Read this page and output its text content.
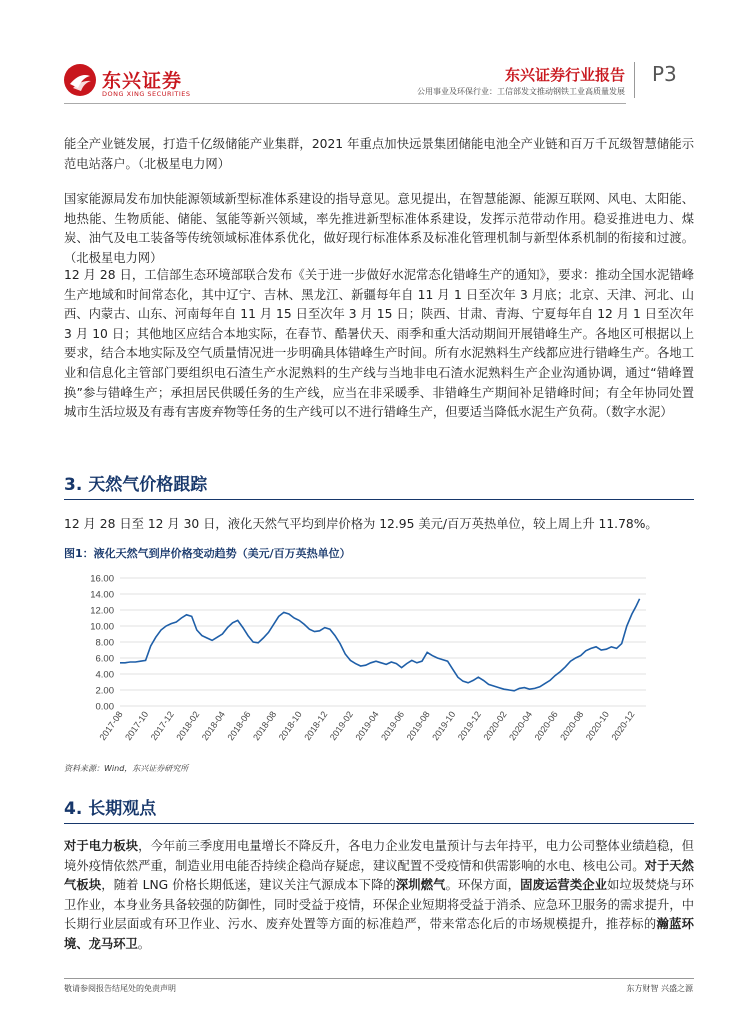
东兴证券
DONG XING SECURITIES
东兴证券行业报告
公用事业及环保行业：工信部发文推动钢铁工业高质量发展
P3

能全产业链发展，打造千亿级储能产业集群，2021 年重点加快远景集团储能电池全产业链和百万千瓦级智慧储能示范电站落户。（北极星电力网）

国家能源局发布加快能源领域新型标准体系建设的指导意见。意见提出，在智慧能源、能源互联网、风电、太阳能、地热能、生物质能、储能、氢能等新兴领域，率先推进新型标准体系建设，发挥示范带动作用。稳妥推进电力、煤炭、油气及电工装备等传统领域标准体系优化，做好现行标准体系及标准化管理机制与新型体系机制的衔接和过渡。（北极星电力网）

12 月 28 日，工信部生态环境部联合发布《关于进一步做好水泥常态化错峰生产的通知》，要求：推动全国水泥错峰生产地域和时间常态化，其中辽宁、吉林、黑龙江、新疆每年自 11 月 1 日至次年 3 月底；北京、天津、河北、山西、内蒙古、山东、河南每年自 11 月 15 日至次年 3 月 15 日；陕西、甘肃、青海、宁夏每年自 12 月 1 日至次年 3 月 10 日；其他地区应结合本地实际，在春节、酷暑伏天、雨季和重大活动期间开展错峰生产。各地区可根据以上要求，结合本地实际及空气质量情况进一步明确具体错峰生产时间。所有水泥熟料生产线都应进行错峰生产。各地工业和信息化主管部门要组织电石渣生产水泥熟料的生产线与当地非电石渣水泥熟料生产企业沟通协调，通过“错峰置换”参与错峰生产；承担居民供暖任务的生产线，应当在非采暖季、非错峰生产期间补足错峰时间；有全年协同处置城市生活垃圾及有毒有害废弃物等任务的生产线可以不进行错峰生产，但要适当降低水泥生产负荷。（数字水泥）

3. 天然气价格跟踪
12 月 28 日至 12 月 30 日，液化天然气平均到岸价格为 12.95 美元/百万英热单位，较上周上升 11.78%。
图1：液化天然气到岸价格变动趋势（美元/百万英热单位）
0.00
2.00
4.00
6.00
8.00
10.00
12.00
14.00
16.00
2017-08
2017-10
2017-12
2018-02
2018-04
2018-06
2018-08
2018-10
2018-12
2019-02
2019-04
2019-06
2019-08
2019-10
2019-12
2020-02
2020-04
2020-06
2020-08
2020-10
2020-12
资料来源：Wind，东兴证券研究所
4. 长期观点

对于电力板块，今年前三季度用电量增长不降反升，各电力企业发电量预计与去年持平，电力公司整体业绩趋稳，但境外疫情依然严重，制造业用电能否持续企稳尚存疑虑，建议配置不受疫情和供需影响的水电、核电公司。对于天然气板块，随着 LNG 价格长期低迷，建议关注气源成本下降的深圳燃气。环保方面，固废运营类企业如垃圾焚烧与环卫作业，本身业务具备较强的防御性，同时受益于疫情，环保企业短期将受益于消杀、应急环卫服务的需求提升，中长期行业层面或有环卫作业、污水、废弃处置等方面的标准趋严，带来常态化后的市场规模提升，推荐标的瀚蓝环境、龙马环卫。

敬请参阅报告结尾处的免责声明	东方财智 兴盛之源
